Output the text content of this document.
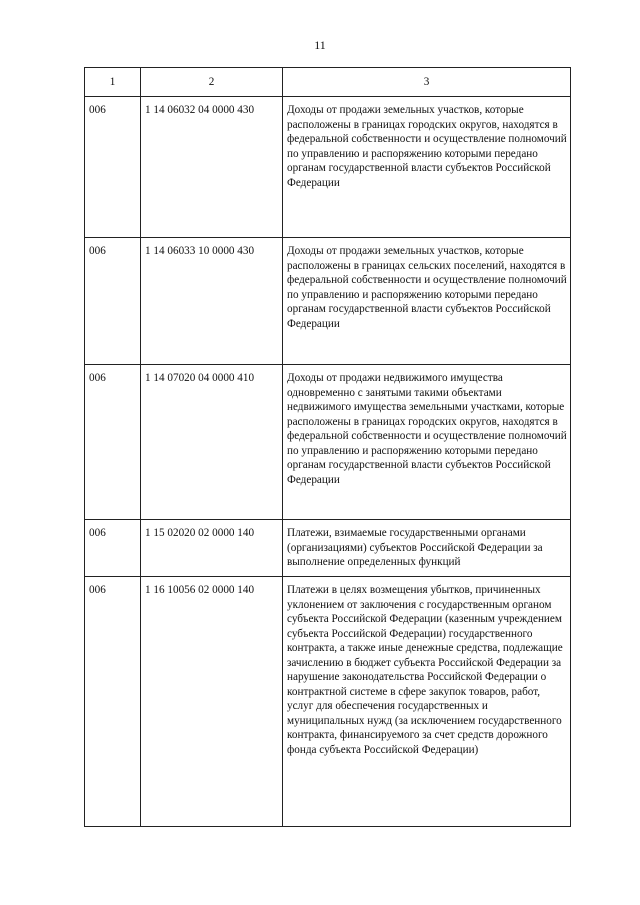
11
1	2	3
006	1 14 06032 04 0000 430	Доходы от продажи земельных участков, которые расположены в границах городских округов, находятся в федеральной собственности и осуществление полномочий по управлению и распоряжению которыми передано органам государственной власти субъектов Российской Федерации
006	1 14 06033 10 0000 430	Доходы от продажи земельных участков, которые расположены в границах сельских поселений, находятся в федеральной собственности и осуществление полномочий по управлению и распоряжению которыми передано органам государственной власти субъектов Российской Федерации
006	1 14 07020 04 0000 410	Доходы от продажи недвижимого имущества одновременно с занятыми такими объектами недвижимого имущества земельными участками, которые расположены в границах городских округов, находятся в федеральной собственности и осуществление полномочий по управлению и распоряжению которыми передано органам государственной власти субъектов Российской Федерации
006	1 15 02020 02 0000 140	Платежи, взимаемые государственными органами (организациями) субъектов Российской Федерации за выполнение определенных функций
006	1 16 10056 02 0000 140	Платежи в целях возмещения убытков, причиненных уклонением от заключения с государственным органом субъекта Российской Федерации (казенным учреждением субъекта Российской Федерации) государственного контракта, а также иные денежные средства, подлежащие зачислению в бюджет субъекта Российской Федерации за нарушение законодательства Российской Федерации о контрактной системе в сфере закупок товаров, работ, услуг для обеспечения государственных и муниципальных нужд (за исключением государственного контракта, финансируемого за счет средств дорожного фонда субъекта Российской Федерации)
